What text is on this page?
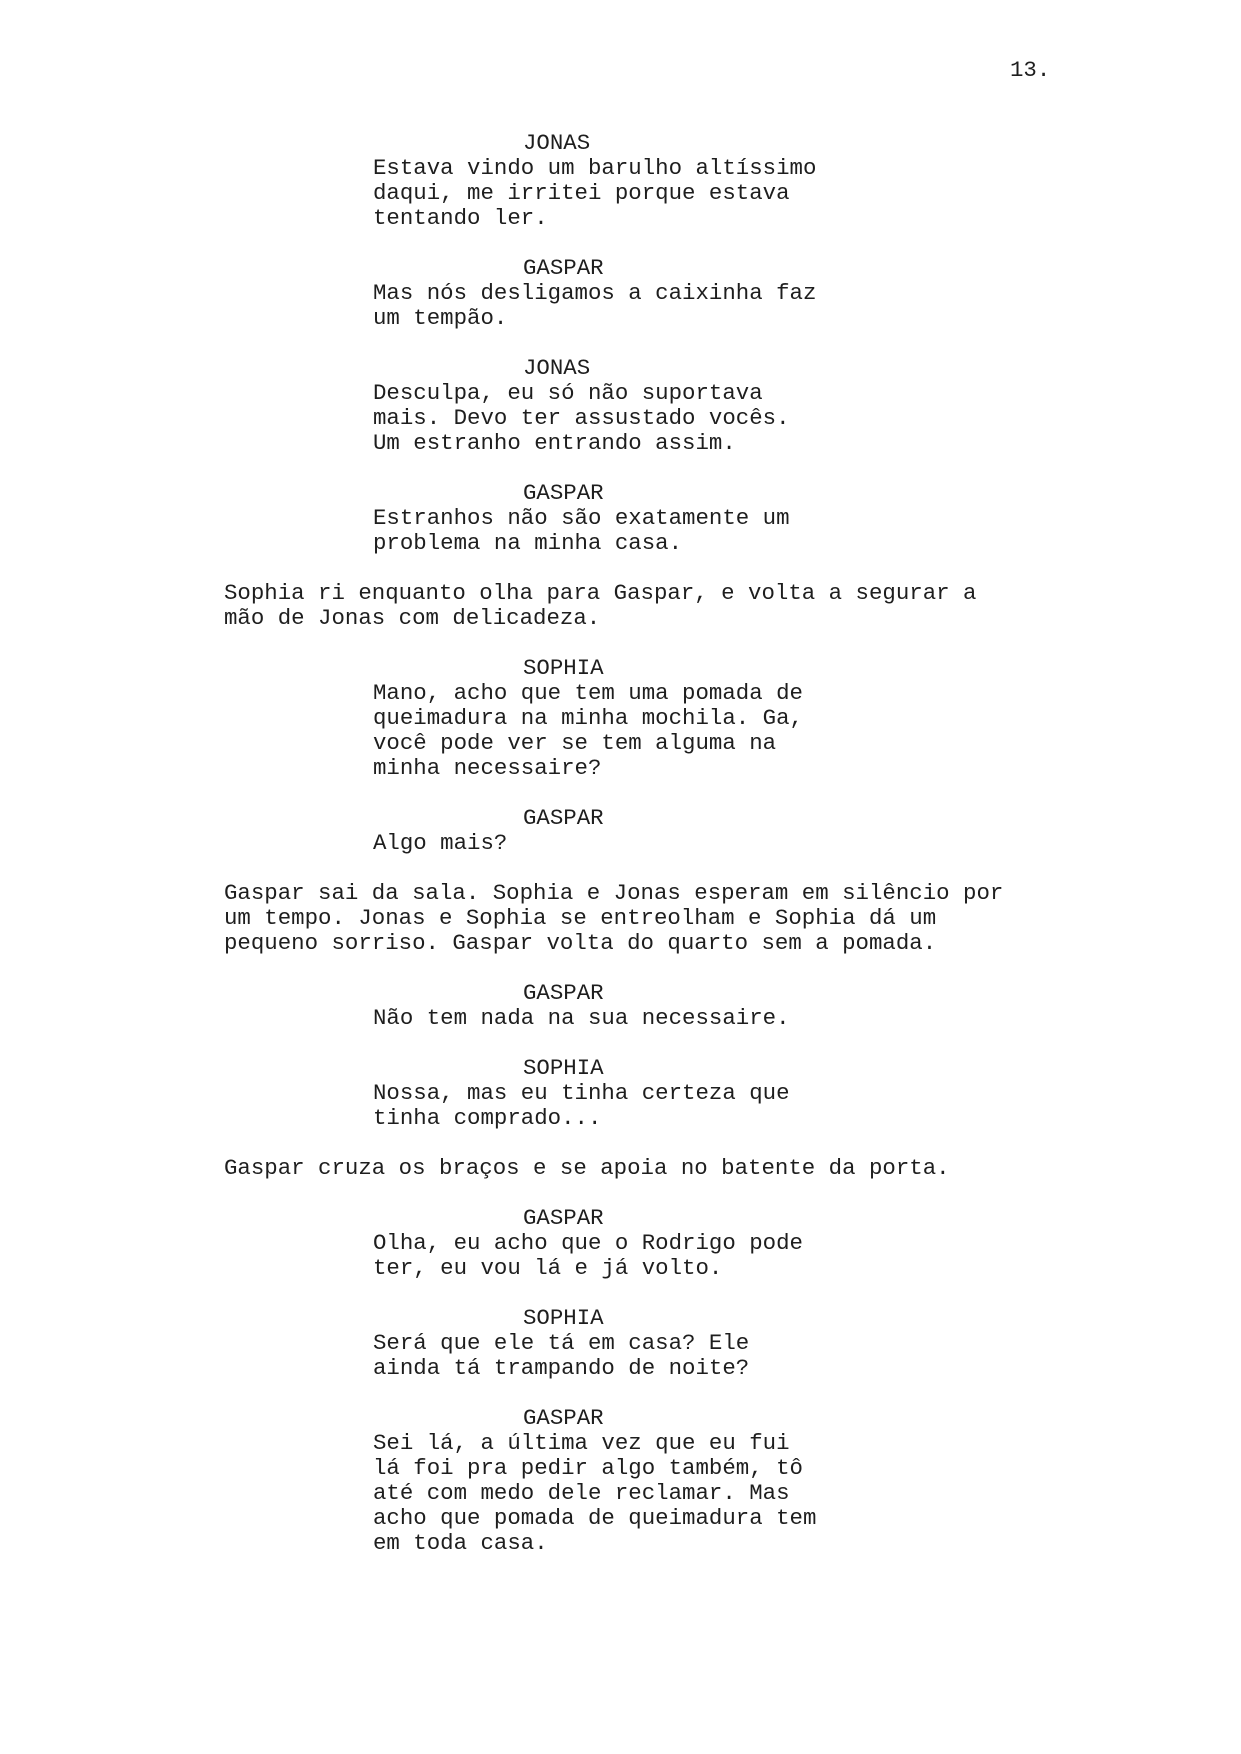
13.
JONAS
Estava vindo um barulho altíssimo
daqui, me irritei porque estava
tentando ler.
GASPAR
Mas nós desligamos a caixinha faz
um tempão.
JONAS
Desculpa, eu só não suportava
mais. Devo ter assustado vocês.
Um estranho entrando assim.
GASPAR
Estranhos não são exatamente um
problema na minha casa.
Sophia ri enquanto olha para Gaspar, e volta a segurar a
mão de Jonas com delicadeza.
SOPHIA
Mano, acho que tem uma pomada de
queimadura na minha mochila. Ga,
você pode ver se tem alguma na
minha necessaire?
GASPAR
Algo mais?
Gaspar sai da sala. Sophia e Jonas esperam em silêncio por
um tempo. Jonas e Sophia se entreolham e Sophia dá um
pequeno sorriso. Gaspar volta do quarto sem a pomada.
GASPAR
Não tem nada na sua necessaire.
SOPHIA
Nossa, mas eu tinha certeza que
tinha comprado...
Gaspar cruza os braços e se apoia no batente da porta.
GASPAR
Olha, eu acho que o Rodrigo pode
ter, eu vou lá e já volto.
SOPHIA
Será que ele tá em casa? Ele
ainda tá trampando de noite?
GASPAR
Sei lá, a última vez que eu fui
lá foi pra pedir algo também, tô
até com medo dele reclamar. Mas
acho que pomada de queimadura tem
em toda casa.
